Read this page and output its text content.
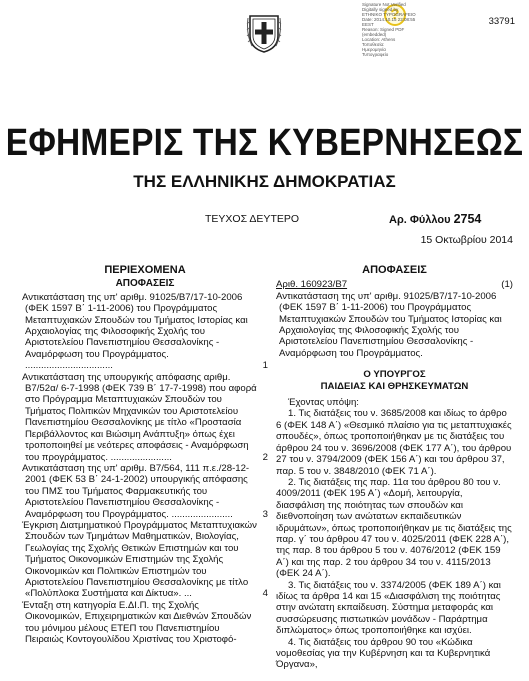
?
Signature Not Verified
Digitally signed by
ETHNIKO TYPOGRAFEIO
Date: 2014.10.15 22:08:55
EEST
Reason: Signed PDF
(embedded)
Location: Athens
Τοποθεσία:
Ημερομηνία
Τυπογραφείο
33791
ΕΦΗΜΕΡΙΣ ΤΗΣ ΚΥΒΕΡΝΗΣΕΩΣ
ΤΗΣ ΕΛΛΗΝΙΚΗΣ ΔΗΜΟΚΡΑΤΙΑΣ
ΤΕΥΧΟΣ ΔΕΥΤΕΡΟ	Αρ. Φύλλου 2754
15 Οκτωβρίου 2014
ΠΕΡΙΕΧΟΜΕΝΑ
ΑΠΟΦΑΣΕΙΣ
Αντικατάσταση της υπ' αριθμ. 91025/Β7/17-10-2006 (ΦΕΚ 1597 Β΄ 1-11-2006) του Προγράμματος Μεταπτυχιακών Σπουδών του Τμήματος Ιστορίας και Αρχαιολογίας της Φιλοσοφικής Σχολής του Αριστοτελείου Πανεπιστημίου Θεσσαλονίκης - Αναμόρφωση του Προγράμματος. .................................	1
Αντικατάσταση της υπουργικής απόφασης αριθμ. Β7/52α/ 6-7-1998 (ΦΕΚ 739 Β΄ 17-7-1998) που αφορά στο Πρόγραμμα Μεταπτυχιακών Σπουδών του Τμήματος Πολιτικών Μηχανικών του Αριστοτελείου Πανεπιστημίου Θεσσαλονίκης με τίτλο «Προστασία Περιβάλλοντος και Βιώσιμη Ανάπτυξη» όπως έχει τροποποιηθεί με νεότερες αποφάσεις - Αναμόρφωση του προγράμματος. .......................	2
Αντικατάσταση της υπ' αριθμ. Β7/564, 111 π.ε./28-12-2001 (ΦΕΚ 53 Β΄ 24-1-2002) υπουργικής απόφασης του ΠΜΣ του Τμήματος Φαρμακευτικής του Αριστοτελείου Πανεπιστημίου Θεσσαλονίκης - Αναμόρφωση του Προγράμματος. .......................	3
Έγκριση Διατμηματικού Προγράμματος Μεταπτυχιακών Σπουδών των Τμημάτων Μαθηματικών, Βιολογίας, Γεωλογίας της Σχολής Θετικών Επιστημών και του Τμήματος Οικονομικών Επιστημών της Σχολής Οικονομικών και Πολιτικών Επιστημών του Αριστοτελείου Πανεπιστημίου Θεσσαλονίκης με τίτλο «Πολύπλοκα Συστήματα και Δίκτυα». ...	4
Ένταξη στη κατηγορία Ε.ΔΙ.Π. της Σχολής Οικονομικών, Επιχειρηματικών και Διεθνών Σπουδών του μόνιμου μέλους ΕΤΕΠ του Πανεπιστημίου Πειραιώς Κοντογουλίδου Χριστίνας του Χριστοφό-
ΑΠΟΦΑΣΕΙΣ
Αριθ. 160923/Β7	(1)

Αντικατάσταση της υπ' αριθμ. 91025/Β7/17-10-2006 (ΦΕΚ 1597 Β΄ 1-11-2006) του Προγράμματος Μεταπτυχιακών Σπουδών του Τμήματος Ιστορίας και Αρχαιολογίας της Φιλοσοφικής Σχολής του Αριστοτελείου Πανεπιστημίου Θεσσαλονίκης - Αναμόρφωση του Προγράμματος.

Ο ΥΠΟΥΡΓΟΣ
ΠΑΙΔΕΙΑΣ ΚΑΙ ΘΡΗΣΚΕΥΜΑΤΩΝ

Έχοντας υπόψη:

1. Τις διατάξεις του ν. 3685/2008 και ιδίως το άρθρο 6 (ΦΕΚ 148 Α΄) «Θεσμικό πλαίσιο για τις μεταπτυχιακές σπουδές», όπως τροποποιήθηκαν με τις διατάξεις του άρθρου 24 του ν. 3696/2008 (ΦΕΚ 177 Α΄), του άρθρου 27 του ν. 3794/2009 (ΦΕΚ 156 Α΄) και του άρθρου 37, παρ. 5 του ν. 3848/2010 (ΦΕΚ 71 Α΄).

2. Τις διατάξεις της παρ. 11α του άρθρου 80 του ν. 4009/2011 (ΦΕΚ 195 Α΄) «Δομή, λειτουργία, διασφάλιση της ποιότητας των σπουδών και διεθνοποίηση των ανώτατων εκπαιδευτικών ιδρυμάτων», όπως τροποποιήθηκαν με τις διατάξεις της παρ. γ΄ του άρθρου 47 του ν. 4025/2011 (ΦΕΚ 228 Α΄), της παρ. 8 του άρθρου 5 του ν. 4076/2012 (ΦΕΚ 159 Α΄) και της παρ. 2 του άρθρου 34 του ν. 4115/2013 (ΦΕΚ 24 Α΄).

3. Τις διατάξεις του ν. 3374/2005 (ΦΕΚ 189 Α΄) και ιδίως τα άρθρα 14 και 15 «Διασφάλιση της ποιότητας στην ανώτατη εκπαίδευση. Σύστημα μεταφοράς και συσσώρευσης πιστωτικών μονάδων - Παράρτημα διπλώματος» όπως τροποποιήθηκε και ισχύει.

4. Τις διατάξεις του άρθρου 90 του «Κώδικα νομοθεσίας για την Κυβέρνηση και τα Κυβερνητικά Όργανα»,
